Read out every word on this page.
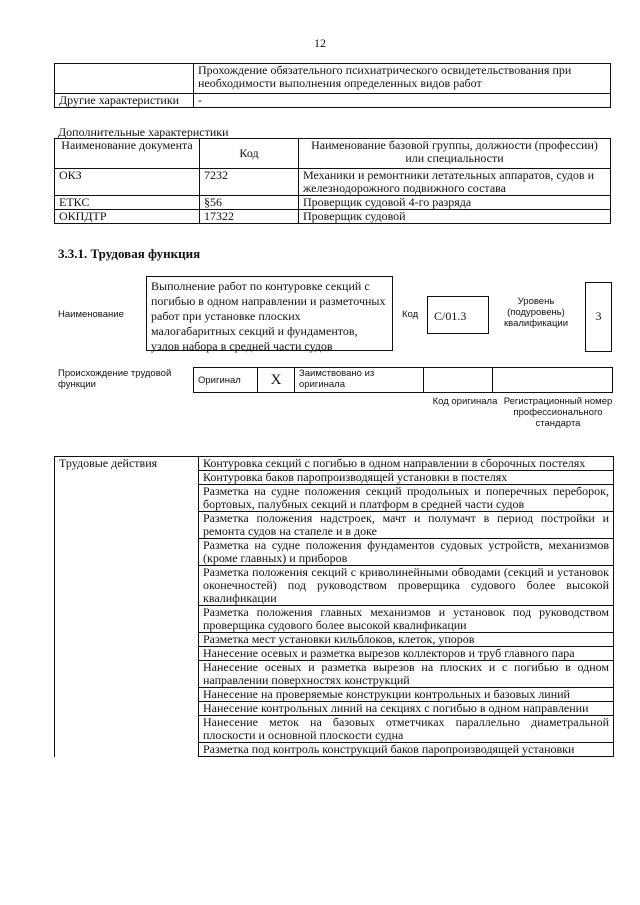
12
	Прохождение обязательного психиатрического освидетельствования при необходимости выполнения определенных видов работ
Другие характеристики	-
Дополнительные характеристики
Наименование документа	Код	Наименование базовой группы, должности (профессии) или специальности
ОКЗ	7232	Механики и ремонтники летательных аппаратов, судов и железнодорожного подвижного состава
ЕТКС	§56	Проверщик судовой 4-го разряда
ОКПДТР	17322	Проверщик судовой
3.3.1. Трудовая функция
Наименование
Выполнение работ по контуровке секций с погибью в одном направлении и разметочных работ при установке плоских малогабаритных секций и фундаментов, узлов набора в средней части судов
Код	C/01.3
Уровень (подуровень) квалификации
3
Происхождение трудовой функции	Оригинал	X	Заимствовано из оригинала		
Код оригинала Регистрационный номер профессионального стандарта
Трудовые действия	Контуровка секций с погибью в одном направлении в сборочных постелях
Контуровка баков паропроизводящей установки в постелях
Разметка на судне положения секций продольных и поперечных переборок, бортовых, палубных секций и платформ в средней части судов
Разметка положения надстроек, мачт и полумачт в период постройки и ремонта судов на стапеле и в доке
Разметка на судне положения фундаментов судовых устройств, механизмов (кроме главных) и приборов
Разметка положения секций с криволинейными обводами (секций и установок оконечностей) под руководством проверщика судового более высокой квалификации
Разметка положения главных механизмов и установок под руководством проверщика судового более высокой квалификации
Разметка мест установки кильблоков, клеток, упоров
Нанесение осевых и разметка вырезов коллекторов и труб главного пара
Нанесение осевых и разметка вырезов на плоских и с погибью в одном направлении поверхностях конструкций
Нанесение на проверяемые конструкции контрольных и базовых линий
Нанесение контрольных линий на секциях с погибью в одном направлении
Нанесение меток на базовых отметчиках параллельно диаметральной плоскости и основной плоскости судна
Разметка под контроль конструкций баков паропроизводящей установки
